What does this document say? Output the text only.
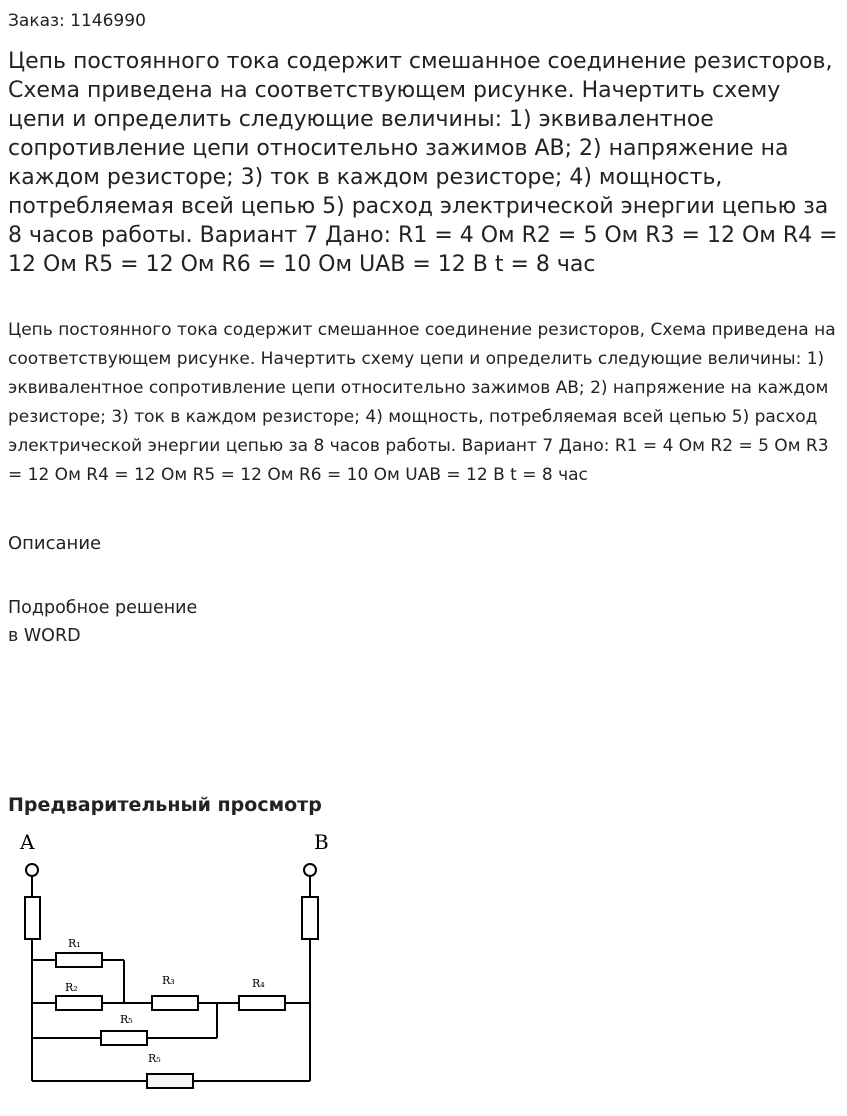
Заказ: 1146990
Цепь постоянного тока содержит смешанное соединение резисторов, Схема приведена на соответствующем рисунке. Начертить схему цепи и определить следующие величины: 1) эквивалентное сопротивление цепи относительно зажимов АВ; 2) напряжение на каждом резисторе; 3) ток в каждом резисторе; 4) мощность, потребляемая всей цепью 5) расход электрической энергии цепью за 8 часов работы. Вариант 7 Дано: R1 = 4 Ом R2 = 5 Ом R3 = 12 Ом R4 = 12 Ом R5 = 12 Ом R6 = 10 Ом UAB = 12 В t = 8 час

Цепь постоянного тока содержит смешанное соединение резисторов, Схема приведена на соответствующем рисунке. Начертить схему цепи и определить следующие величины: 1) эквивалентное сопротивление цепи относительно зажимов АВ; 2) напряжение на каждом резисторе; 3) ток в каждом резисторе; 4) мощность, потребляемая всей цепью 5) расход электрической энергии цепью за 8 часов работы. Вариант 7 Дано: R1 = 4 Ом R2 = 5 Ом R3 = 12 Ом R4 = 12 Ом R5 = 12 Ом R6 = 10 Ом UAB = 12 В t = 8 час

Описание
Подробное решение
в WORD
Предварительный просмотр
A	B
R₁
R₂
R₃	R₄
R₅
R₅
